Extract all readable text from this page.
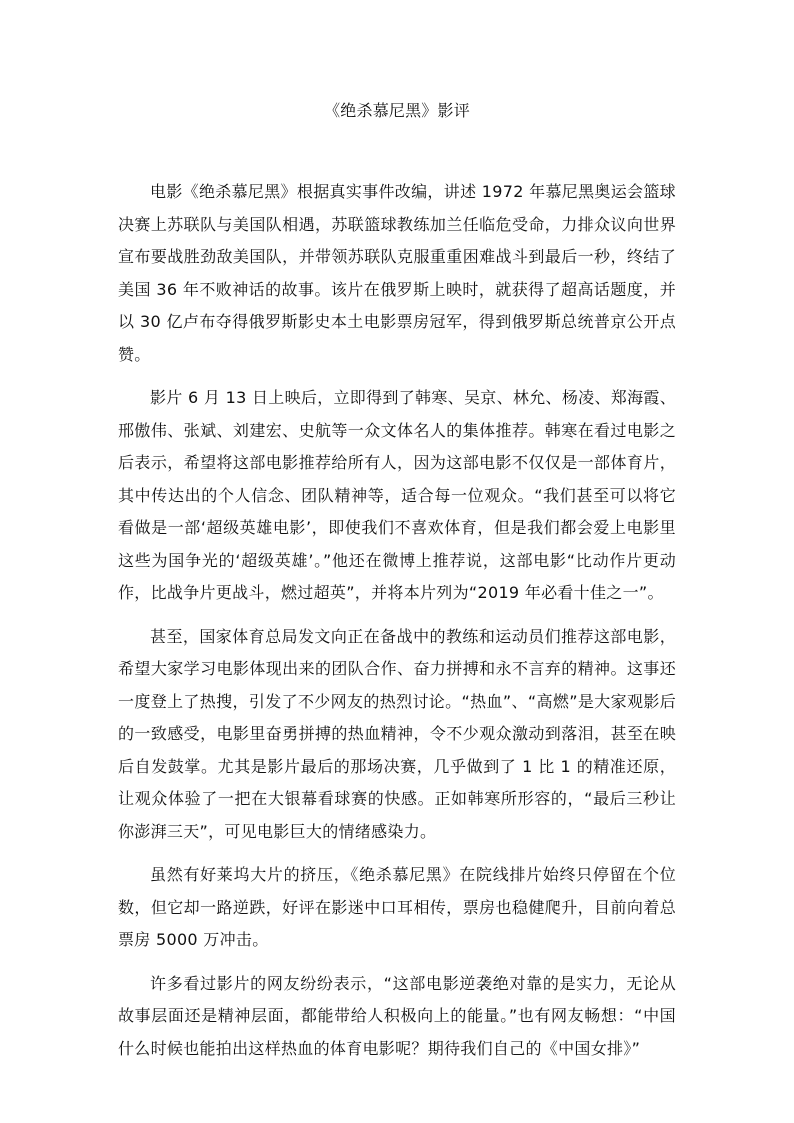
《绝杀慕尼黑》影评

电影《绝杀慕尼黑》根据真实事件改编，讲述 1972 年慕尼黑奥运会篮球决赛上苏联队与美国队相遇，苏联篮球教练加兰任临危受命，力排众议向世界宣布要战胜劲敌美国队，并带领苏联队克服重重困难战斗到最后一秒，终结了美国 36 年不败神话的故事。该片在俄罗斯上映时，就获得了超高话题度，并以 30 亿卢布夺得俄罗斯影史本土电影票房冠军，得到俄罗斯总统普京公开点赞。

影片 6 月 13 日上映后，立即得到了韩寒、吴京、林允、杨凌、郑海霞、邢傲伟、张斌、刘建宏、史航等一众文体名人的集体推荐。韩寒在看过电影之后表示，希望将这部电影推荐给所有人，因为这部电影不仅仅是一部体育片，其中传达出的个人信念、团队精神等，适合每一位观众。“我们甚至可以将它看做是一部‘超级英雄电影’，即使我们不喜欢体育，但是我们都会爱上电影里这些为国争光的‘超级英雄’。”他还在微博上推荐说，这部电影“比动作片更动作，比战争片更战斗，燃过超英”，并将本片列为“2019 年必看十佳之一”。

甚至，国家体育总局发文向正在备战中的教练和运动员们推荐这部电影，希望大家学习电影体现出来的团队合作、奋力拼搏和永不言弃的精神。这事还一度登上了热搜，引发了不少网友的热烈讨论。“热血”、“高燃”是大家观影后的一致感受，电影里奋勇拼搏的热血精神，令不少观众激动到落泪，甚至在映后自发鼓掌。尤其是影片最后的那场决赛，几乎做到了 1 比 1 的精准还原，让观众体验了一把在大银幕看球赛的快感。正如韩寒所形容的，“最后三秒让你澎湃三天”，可见电影巨大的情绪感染力。

虽然有好莱坞大片的挤压，《绝杀慕尼黑》在院线排片始终只停留在个位数，但它却一路逆跌，好评在影迷中口耳相传，票房也稳健爬升，目前向着总票房 5000 万冲击。

许多看过影片的网友纷纷表示，“这部电影逆袭绝对靠的是实力，无论从故事层面还是精神层面，都能带给人积极向上的能量。”也有网友畅想：“中国什么时候也能拍出这样热血的体育电影呢？期待我们自己的《中国女排》”
